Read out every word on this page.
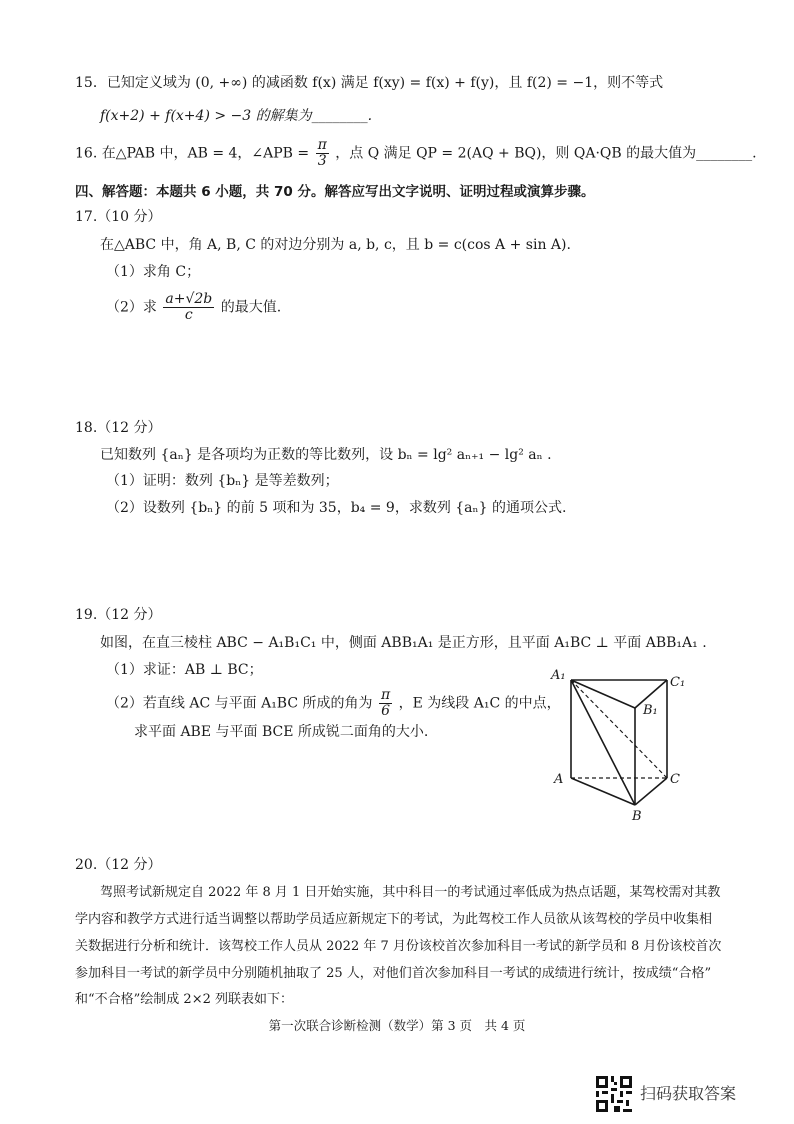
15．已知定义域为 (0, +∞) 的减函数 f(x) 满足 f(xy) = f(x) + f(y)，且 f(2) = −1，则不等式
f(x+2) + f(x+4) > −3 的解集为________.
16. 在△PAB 中，AB = 4，∠APB = $\frac{\pi}{3}$ ，点 Q 满足 QP = 2(AQ + BQ)，则 QA·QB 的最大值为________.
四、解答题：本题共 6 小题，共 70 分。解答应写出文字说明、证明过程或演算步骤。
17.（10 分）
在△ABC 中，角 A, B, C 的对边分别为 a, b, c，且 b = c(cos A + sin A).
（1）求角 C；
（2）求 $\frac{a+√2b}{c}$ 的最大值.
18.（12 分）
已知数列 {aₙ} 是各项均为正数的等比数列，设 bₙ = lg² aₙ₊₁ − lg² aₙ .
（1）证明：数列 {bₙ} 是等差数列；
（2）设数列 {bₙ} 的前 5 项和为 35，b₄ = 9，求数列 {aₙ} 的通项公式.
19.（12 分）
如图，在直三棱柱 ABC − A₁B₁C₁ 中，侧面 ABB₁A₁ 是正方形，且平面 A₁BC ⊥ 平面 ABB₁A₁ .
（1）求证：AB ⊥ BC；
（2）若直线 AC 与平面 A₁BC 所成的角为 $\frac{\pi}{6}$ ，E 为线段 A₁C 的中点，
求平面 ABE 与平面 BCE 所成锐二面角的大小.
A₁	C₁
B₁
A	C
B
20.（12 分）
驾照考试新规定自 2022 年 8 月 1 日开始实施，其中科目一的考试通过率低成为热点话题，某驾校需对其教
学内容和教学方式进行适当调整以帮助学员适应新规定下的考试，为此驾校工作人员欲从该驾校的学员中收集相
关数据进行分析和统计．该驾校工作人员从 2022 年 7 月份该校首次参加科目一考试的新学员和 8 月份该校首次
参加科目一考试的新学员中分别随机抽取了 25 人，对他们首次参加科目一考试的成绩进行统计，按成绩“合格”
和“不合格”绘制成 2×2 列联表如下：
第一次联合诊断检测（数学）第 3 页　共 4 页
扫码获取答案
